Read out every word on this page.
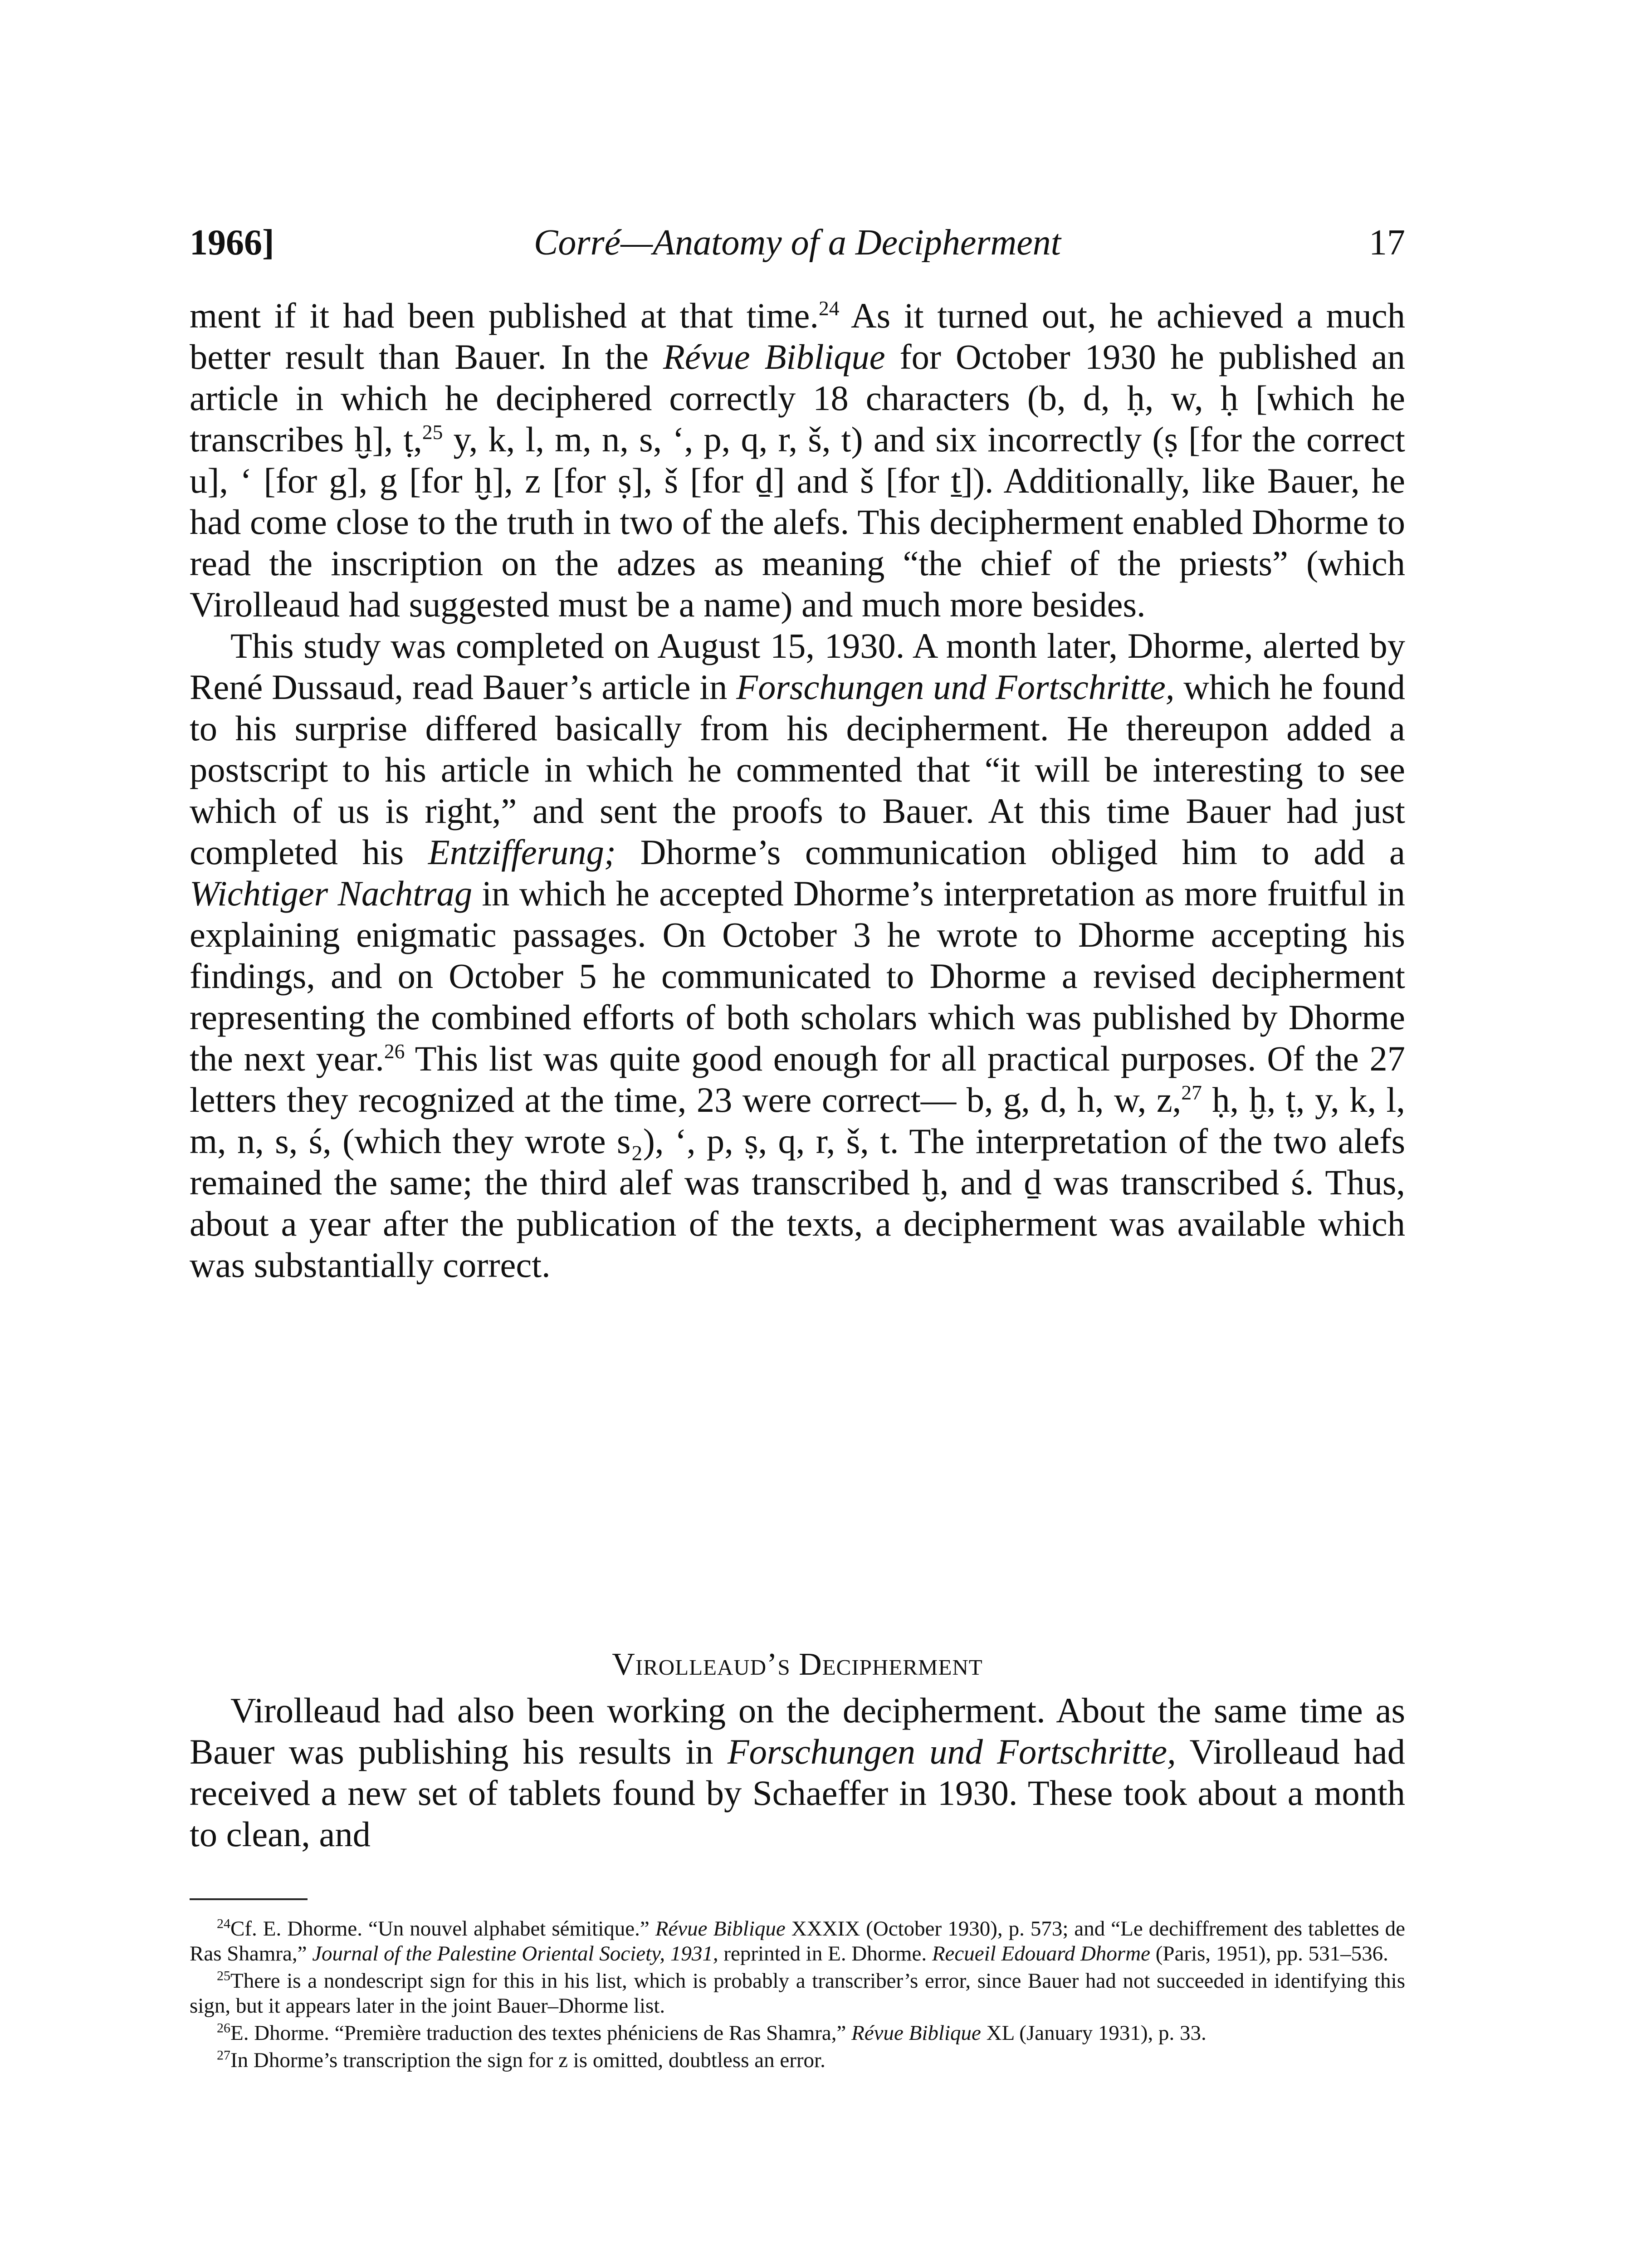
1966]	Corré—Anatomy of a Decipherment	17

ment if it had been published at that time.$^{24}$ As it turned out, he achieved a much better result than Bauer. In the Révue Biblique for October 1930 he published an article in which he deciphered correctly 18 characters (b, d, ḥ, w, ḥ [which he transcribes ḫ], ṭ,$^{25}$ y, k, l, m, n, s, ‘, p, q, r, š, t) and six incorrectly (ṣ [for the correct u], ‘ [for g], g [for ḫ], z [for ṣ], š [for ḏ] and š [for ṯ]). Additionally, like Bauer, he had come close to the truth in two of the alefs. This decipherment enabled Dhorme to read the inscription on the adzes as meaning “the chief of the priests” (which Virolleaud had suggested must be a name) and much more besides.

This study was completed on August 15, 1930. A month later, Dhorme, alerted by René Dussaud, read Bauer’s article in Forschungen und Fortschritte, which he found to his surprise differed basically from his decipherment. He thereupon added a postscript to his article in which he commented that “it will be interesting to see which of us is right,” and sent the proofs to Bauer. At this time Bauer had just completed his Entzifferung; Dhorme’s communication obliged him to add a Wichtiger Nachtrag in which he accepted Dhorme’s interpretation as more fruitful in explaining enigmatic passages. On October 3 he wrote to Dhorme accepting his findings, and on October 5 he communicated to Dhorme a revised decipherment representing the combined efforts of both scholars which was published by Dhorme the next year.$^{26}$ This list was quite good enough for all practical purposes. Of the 27 letters they recognized at the time, 23 were correct— b, g, d, h, w, z,$^{27}$ ḥ, ḫ, ṭ, y, k, l, m, n, s, ś, (which they wrote s₂), ‘, p, ṣ, q, r, š, t. The interpretation of the two alefs remained the same; the third alef was transcribed ḫ, and ḏ was transcribed ś. Thus, about a year after the publication of the texts, a decipherment was available which was substantially correct.

Virolleaud’s Decipherment

Virolleaud had also been working on the decipherment. About the same time as Bauer was publishing his results in Forschungen und Fortschritte, Virolleaud had received a new set of tablets found by Schaeffer in 1930. These took about a month to clean, and

$^{24}$Cf. E. Dhorme. “Un nouvel alphabet sémitique.” Révue Biblique XXXIX (October 1930), p. 573; and “Le dechiffrement des tablettes de Ras Shamra,” Journal of the Palestine Oriental Society, 1931, reprinted in E. Dhorme. Recueil Edouard Dhorme (Paris, 1951), pp. 531–536.

$^{25}$There is a nondescript sign for this in his list, which is probably a transcriber’s error, since Bauer had not succeeded in identifying this sign, but it appears later in the joint Bauer–Dhorme list.

$^{26}$E. Dhorme. “Première traduction des textes phéniciens de Ras Shamra,” Révue Biblique XL (January 1931), p. 33.

$^{27}$In Dhorme’s transcription the sign for z is omitted, doubtless an error.
